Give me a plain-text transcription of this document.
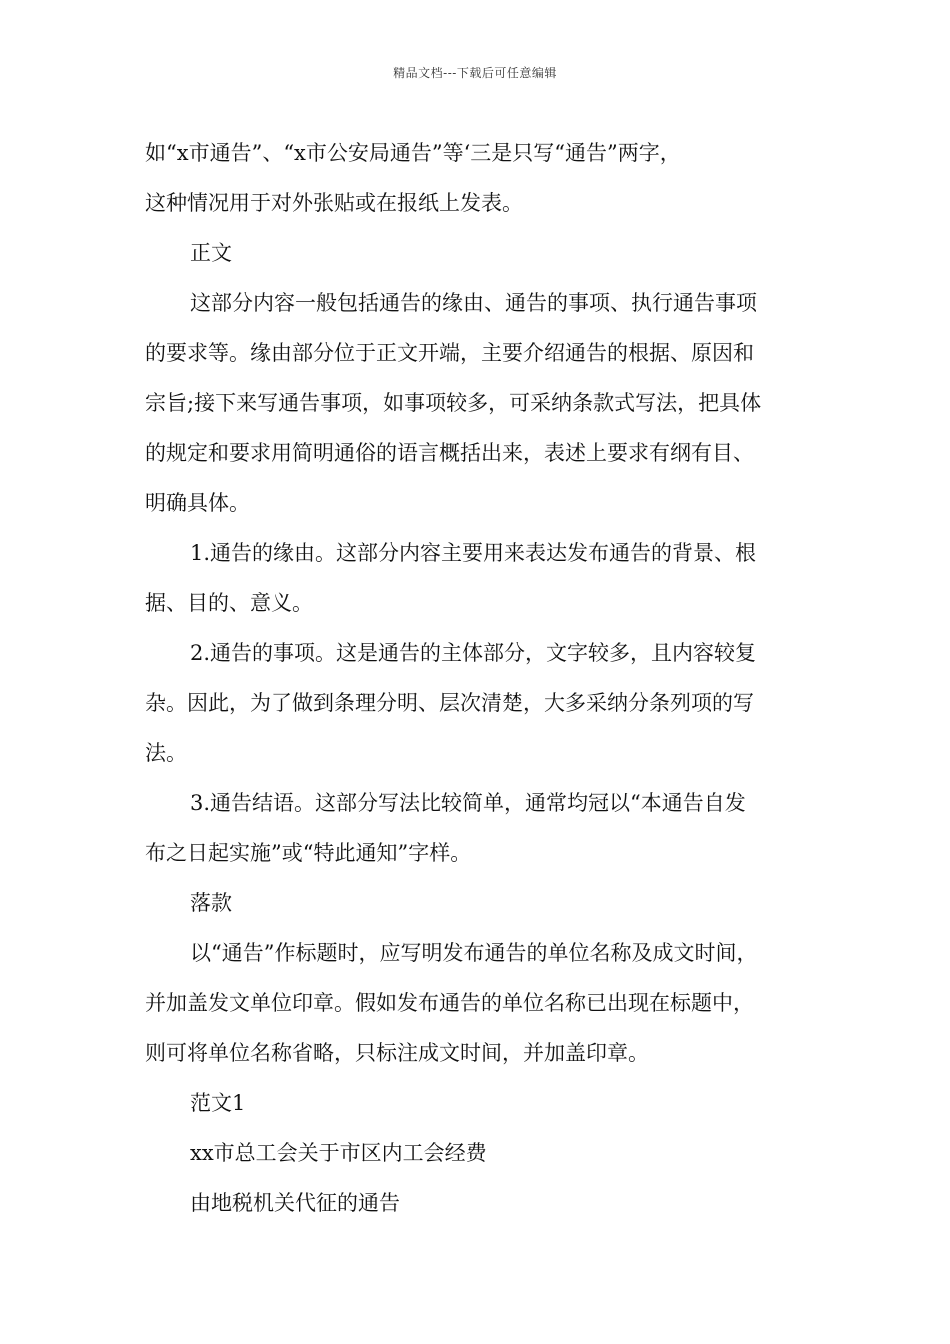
精品文档---下载后可任意编辑
如“x市通告”、“x市公安局通告”等‘三是只写“通告”两字，
这种情况用于对外张贴或在报纸上发表。
正文
这部分内容一般包括通告的缘由、通告的事项、执行通告事项
的要求等。缘由部分位于正文开端，主要介绍通告的根据、原因和
宗旨;接下来写通告事项，如事项较多，可采纳条款式写法，把具体
的规定和要求用简明通俗的语言概括出来，表述上要求有纲有目、
明确具体。
1.通告的缘由。这部分内容主要用来表达发布通告的背景、根
据、目的、意义。
2.通告的事项。这是通告的主体部分，文字较多，且内容较复
杂。因此，为了做到条理分明、层次清楚，大多采纳分条列项的写
法。
3.通告结语。这部分写法比较简单，通常均冠以“本通告自发
布之日起实施”或“特此通知”字样。
落款
以“通告”作标题时，应写明发布通告的单位名称及成文时间，
并加盖发文单位印章。假如发布通告的单位名称已出现在标题中，
则可将单位名称省略，只标注成文时间，并加盖印章。
范文1
xx市总工会关于市区内工会经费
由地税机关代征的通告
